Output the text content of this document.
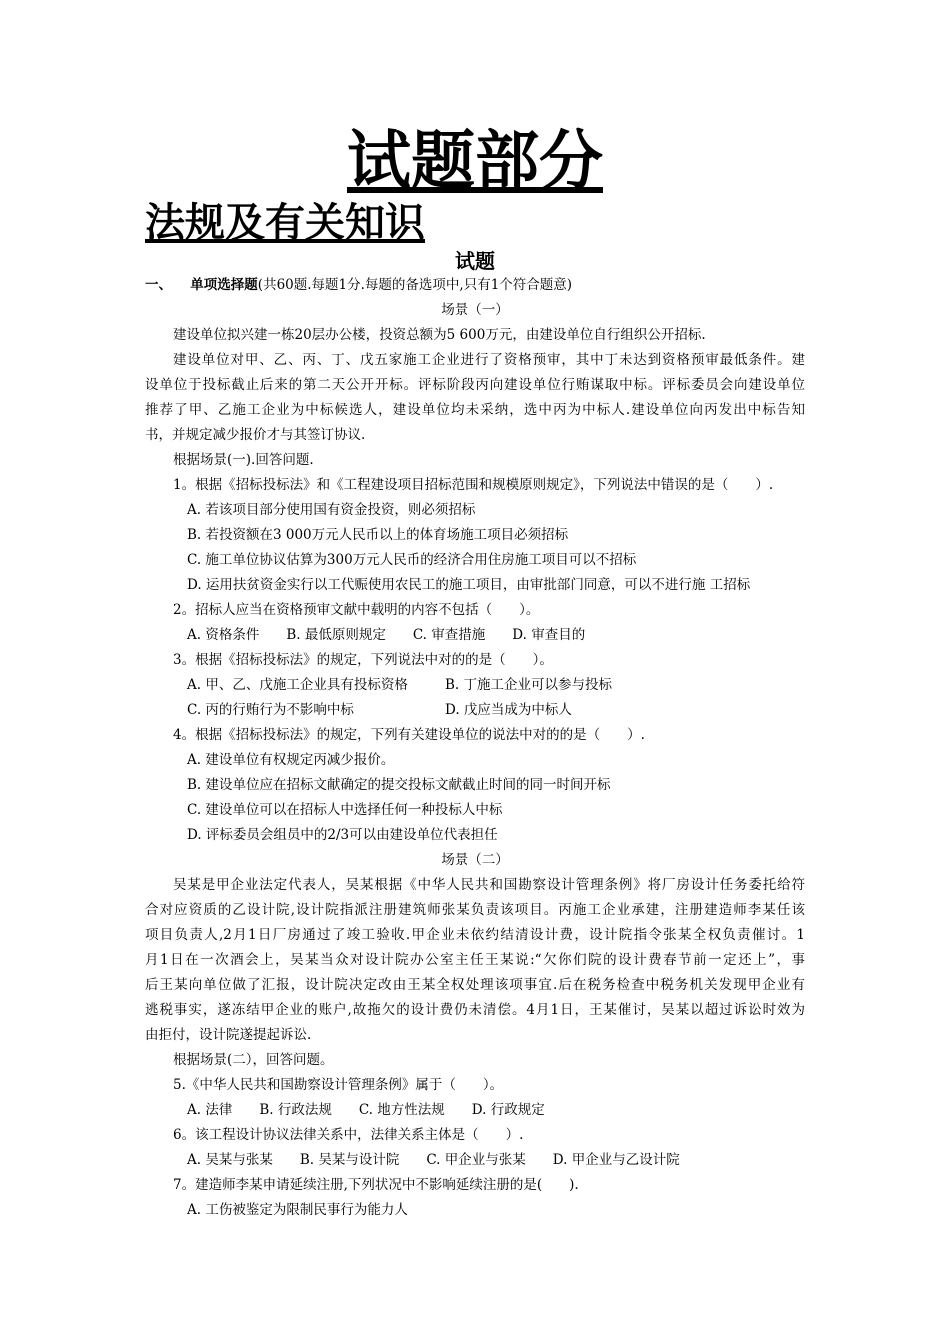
试题部分
法规及有关知识
试题
一、 单项选择题(共60题.每题1分.每题的备选项中,只有1个符合题意)
场景（一）
建设单位拟兴建一栋20层办公楼，投资总额为5 600万元，由建设单位自行组织公开招标.
建设单位对甲、乙、丙、丁、戊五家施工企业进行了资格预审，其中丁未达到资格预审最低条件。建
设单位于投标截止后来的第二天公开开标。评标阶段丙向建设单位行贿谋取中标。评标委员会向建设单位
推荐了甲、乙施工企业为中标候选人，建设单位均未采纳，选中丙为中标人.建设单位向丙发出中标告知
书，并规定减少报价才与其签订协议.
根据场景(一).回答问题.
1。根据《招标投标法》和《工程建设项目招标范围和规模原则规定》，下列说法中错误的是（　　）.
A. 若该项目部分使用国有资金投资，则必须招标
B. 若投资额在3 000万元人民币以上的体育场施工项目必须招标
C. 施工单位协议估算为300万元人民币的经济合用住房施工项目可以不招标
D. 运用扶贫资金实行以工代赈使用农民工的施工项目，由审批部门同意，可以不进行施 工招标
2。招标人应当在资格预审文献中载明的内容不包括（　　）。
A. 资格条件　　B. 最低原则规定　　C. 审查措施　　D. 审查目的
3。根据《招标投标法》的规定，下列说法中对的的是（　　）。
A. 甲、乙、戊施工企业具有投标资格	B. 丁施工企业可以参与投标
C. 丙的行贿行为不影响中标	D. 戊应当成为中标人
4。根据《招标投标法》的规定，下列有关建设单位的说法中对的的是（　　）.
A. 建设单位有权规定丙减少报价。
B. 建设单位应在招标文献确定的提交投标文献截止时间的同一时间开标
C. 建设单位可以在招标人中选择任何一种投标人中标
D. 评标委员会组员中的2/3可以由建设单位代表担任
场景（二）
吴某是甲企业法定代表人，吴某根据《中华人民共和国勘察设计管理条例》将厂房设计任务委托给符
合对应资质的乙设计院,设计院指派注册建筑师张某负责该项目。丙施工企业承建，注册建造师李某任该
项目负责人,2月1日厂房通过了竣工验收.甲企业未依约结清设计费，设计院指令张某全权负责催讨。1
月1日在一次酒会上，吴某当众对设计院办公室主任王某说:“欠你们院的设计费春节前一定还上”，事
后王某向单位做了汇报，设计院决定改由王某全权处理该项事宜.后在税务检查中税务机关发现甲企业有
逃税事实，遂冻结甲企业的账户,故拖欠的设计费仍未清偿。4月1日，王某催讨，吴某以超过诉讼时效为
由拒付，设计院遂提起诉讼.
根据场景(二），回答问题。
5.《中华人民共和国勘察设计管理条例》属于（　　）。
A. 法律　　B. 行政法规　　C. 地方性法规　　D. 行政规定
6。该工程设计协议法律关系中，法律关系主体是（　　）.
A. 吴某与张某　　B. 吴某与设计院　　C. 甲企业与张某　　D. 甲企业与乙设计院
7。建造师李某申请延续注册,下列状况中不影响延续注册的是(　　).
A. 工伤被鉴定为限制民事行为能力人
